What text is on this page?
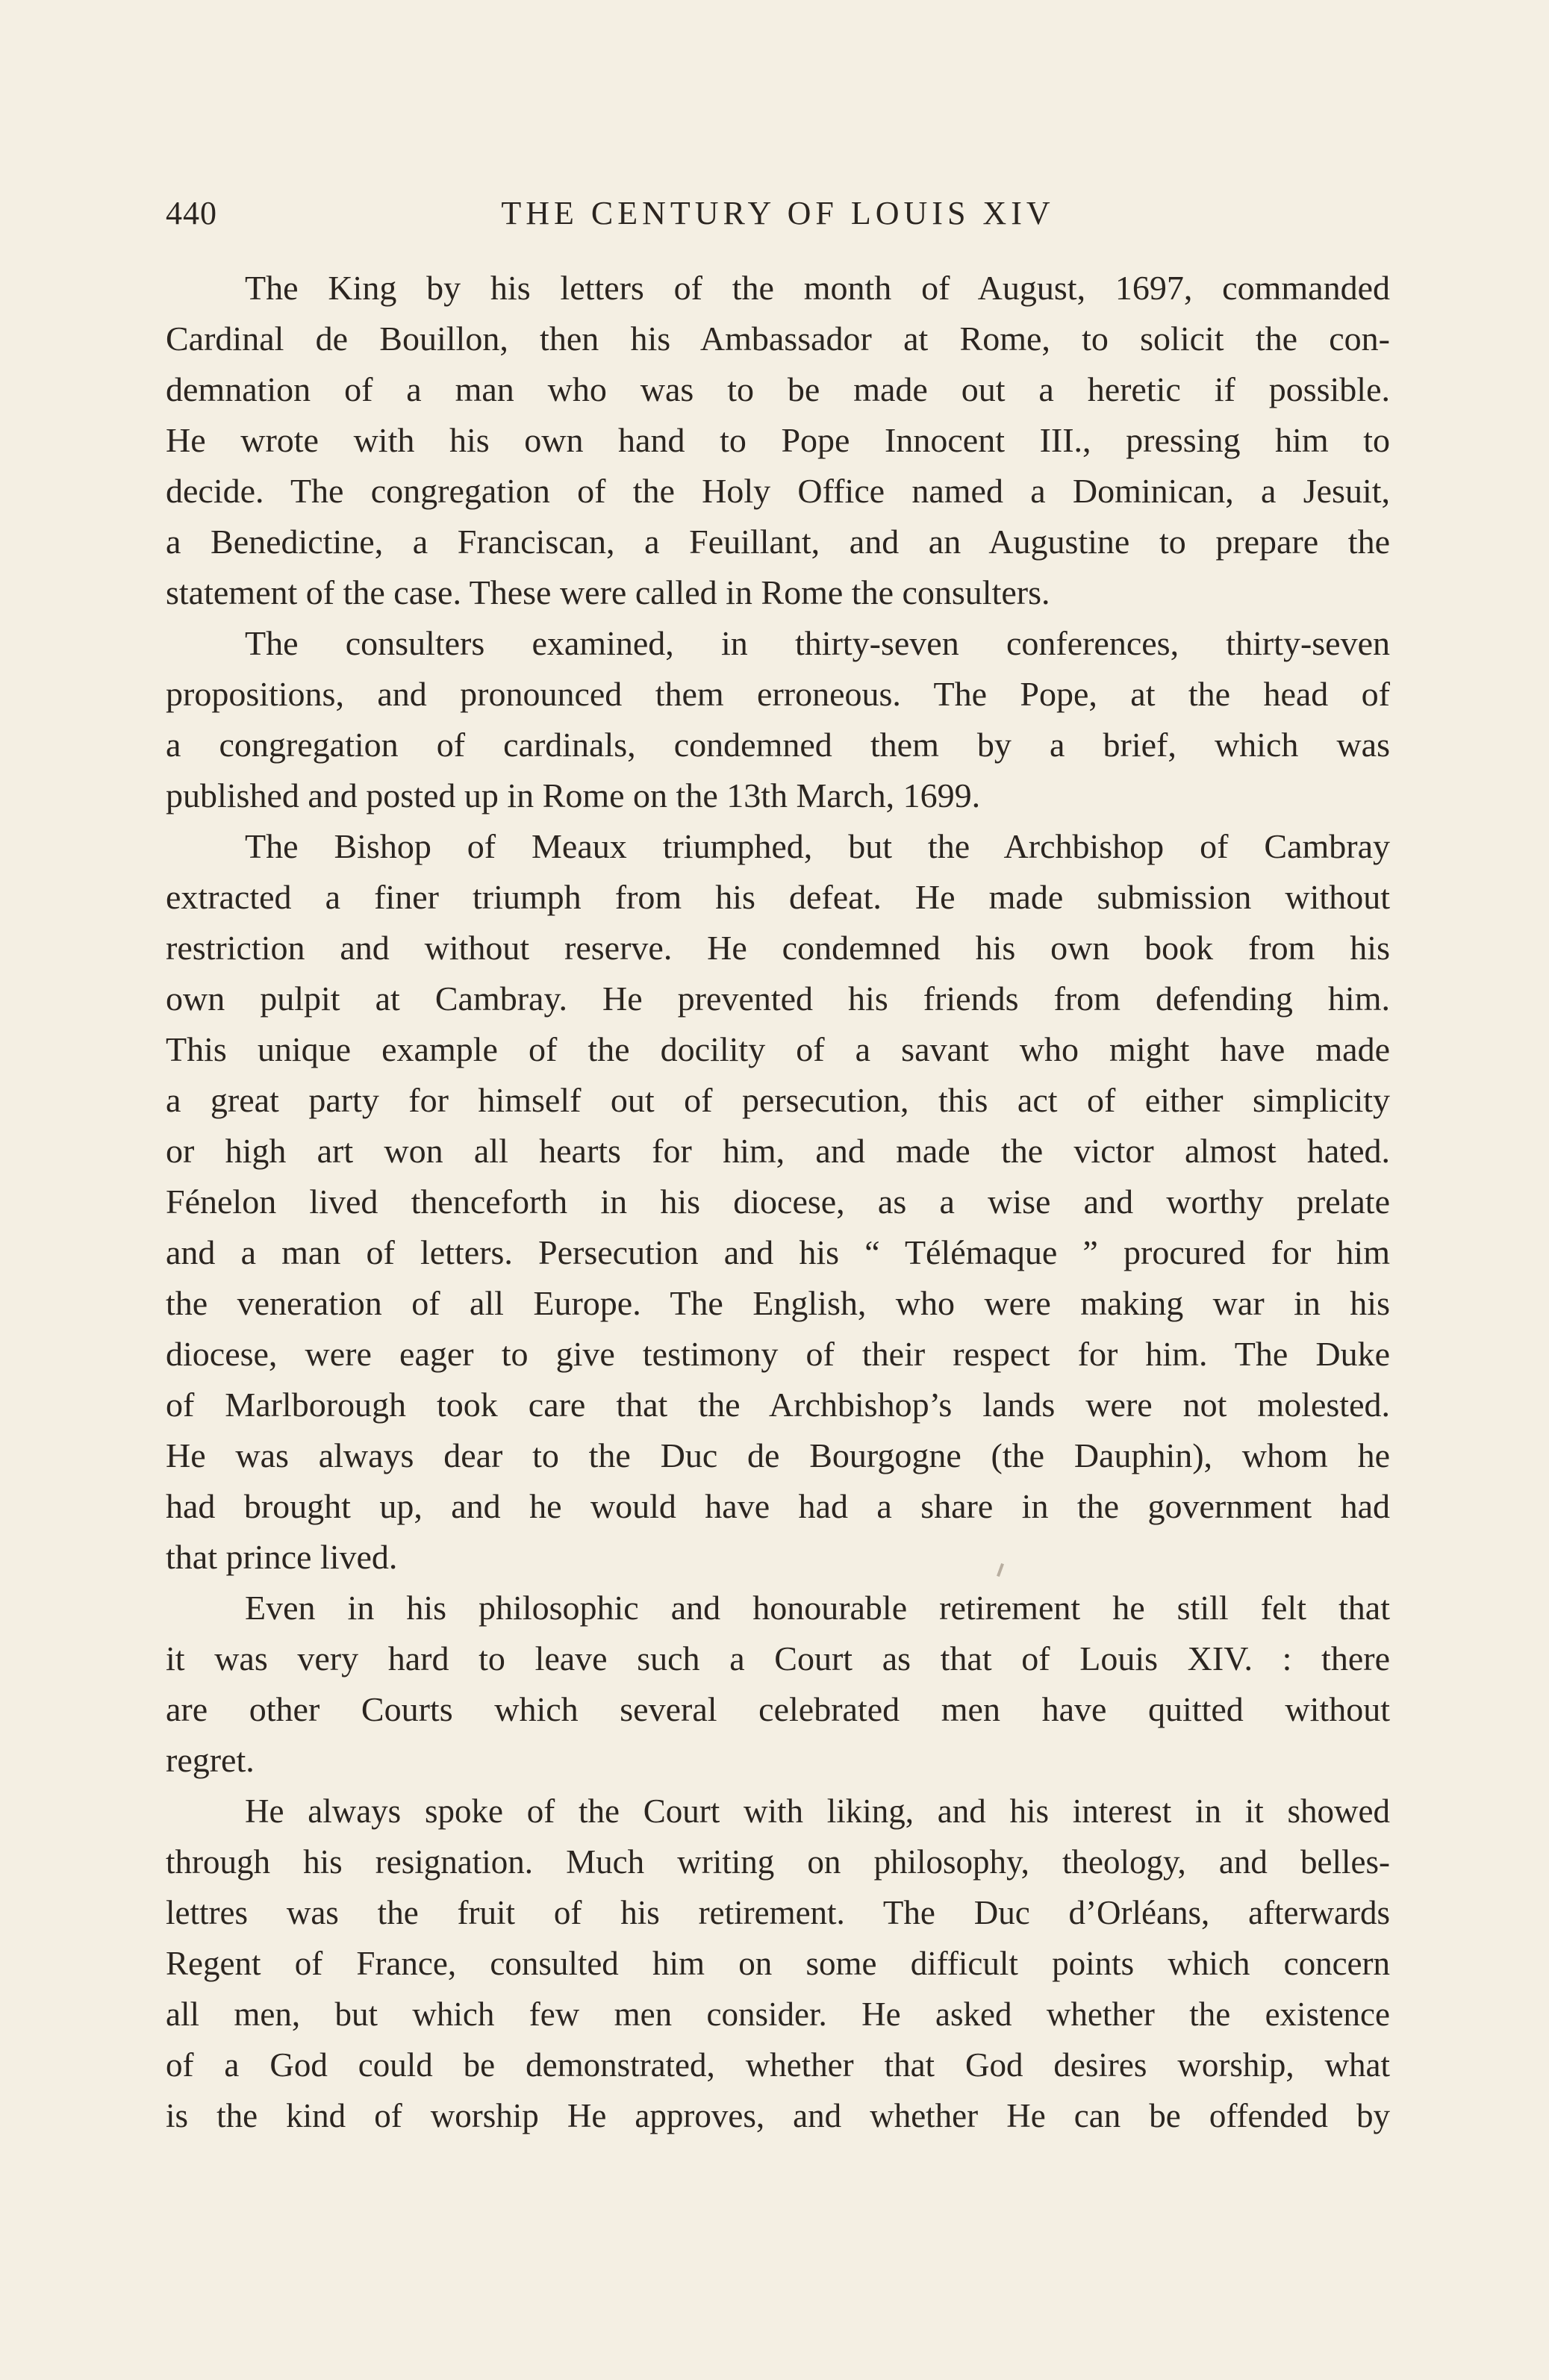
440	THE CENTURY OF LOUIS XIV
The King by his letters of the month of August, 1697, commanded
Cardinal de Bouillon, then his Ambassador at Rome, to solicit the con-
demnation of a man who was to be made out a heretic if possible.
He wrote with his own hand to Pope Innocent III., pressing him to
decide. The congregation of the Holy Office named a Dominican, a Jesuit,
a Benedictine, a Franciscan, a Feuillant, and an Augustine to prepare the
statement of the case. These were called in Rome the consulters.
The consulters examined, in thirty-seven conferences, thirty-seven
propositions, and pronounced them erroneous. The Pope, at the head of
a congregation of cardinals, condemned them by a brief, which was
published and posted up in Rome on the 13th March, 1699.
The Bishop of Meaux triumphed, but the Archbishop of Cambray
extracted a finer triumph from his defeat. He made submission without
restriction and without reserve. He condemned his own book from his
own pulpit at Cambray. He prevented his friends from defending him.
This unique example of the docility of a savant who might have made
a great party for himself out of persecution, this act of either simplicity
or high art won all hearts for him, and made the victor almost hated.
Fénelon lived thenceforth in his diocese, as a wise and worthy prelate
and a man of letters. Persecution and his “ Télémaque ” procured for him
the veneration of all Europe. The English, who were making war in his
diocese, were eager to give testimony of their respect for him. The Duke
of Marlborough took care that the Archbishop’s lands were not molested.
He was always dear to the Duc de Bourgogne (the Dauphin), whom he
had brought up, and he would have had a share in the government had
that prince lived.
Even in his philosophic and honourable retirement he still felt that
it was very hard to leave such a Court as that of Louis XIV. : there
are other Courts which several celebrated men have quitted without
regret.
He always spoke of the Court with liking, and his interest in it showed
through his resignation. Much writing on philosophy, theology, and belles-
lettres was the fruit of his retirement. The Duc d’Orléans, afterwards
Regent of France, consulted him on some difficult points which concern
all men, but which few men consider. He asked whether the existence
of a God could be demonstrated, whether that God desires worship, what
is the kind of worship He approves, and whether He can be offended by
